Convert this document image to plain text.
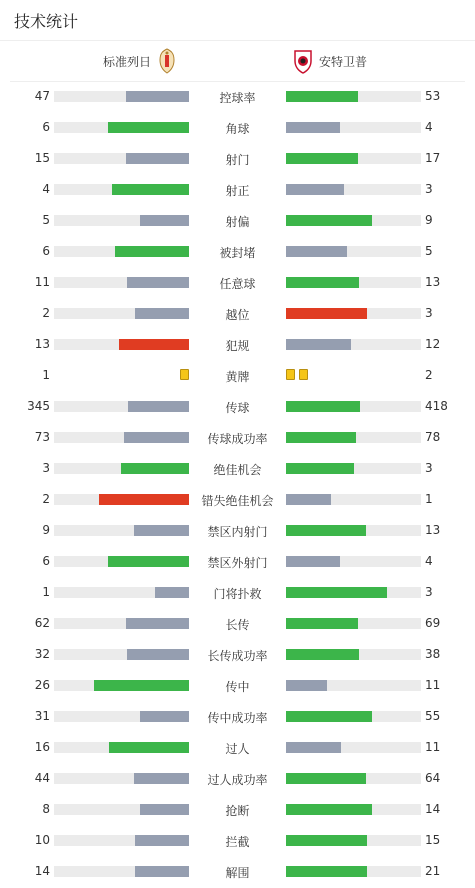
技术统计
标准列日	安特卫普
47	53
控球率
6	4
角球
15	17
射门
4	3
射正
5	9
射偏
6	5
被封堵
11	13
任意球
2	3
越位
13	12
犯规
1	2
黄牌
345	418
传球
73	78
传球成功率
3	3
绝佳机会
2	1
错失绝佳机会
9	13
禁区内射门
6	4
禁区外射门
1	3
门将扑救
62	69
长传
32	38
长传成功率
26	11
传中
31	55
传中成功率
16	11
过人
44	64
过人成功率
8	14
抢断
10	15
拦截
14	21
解围
